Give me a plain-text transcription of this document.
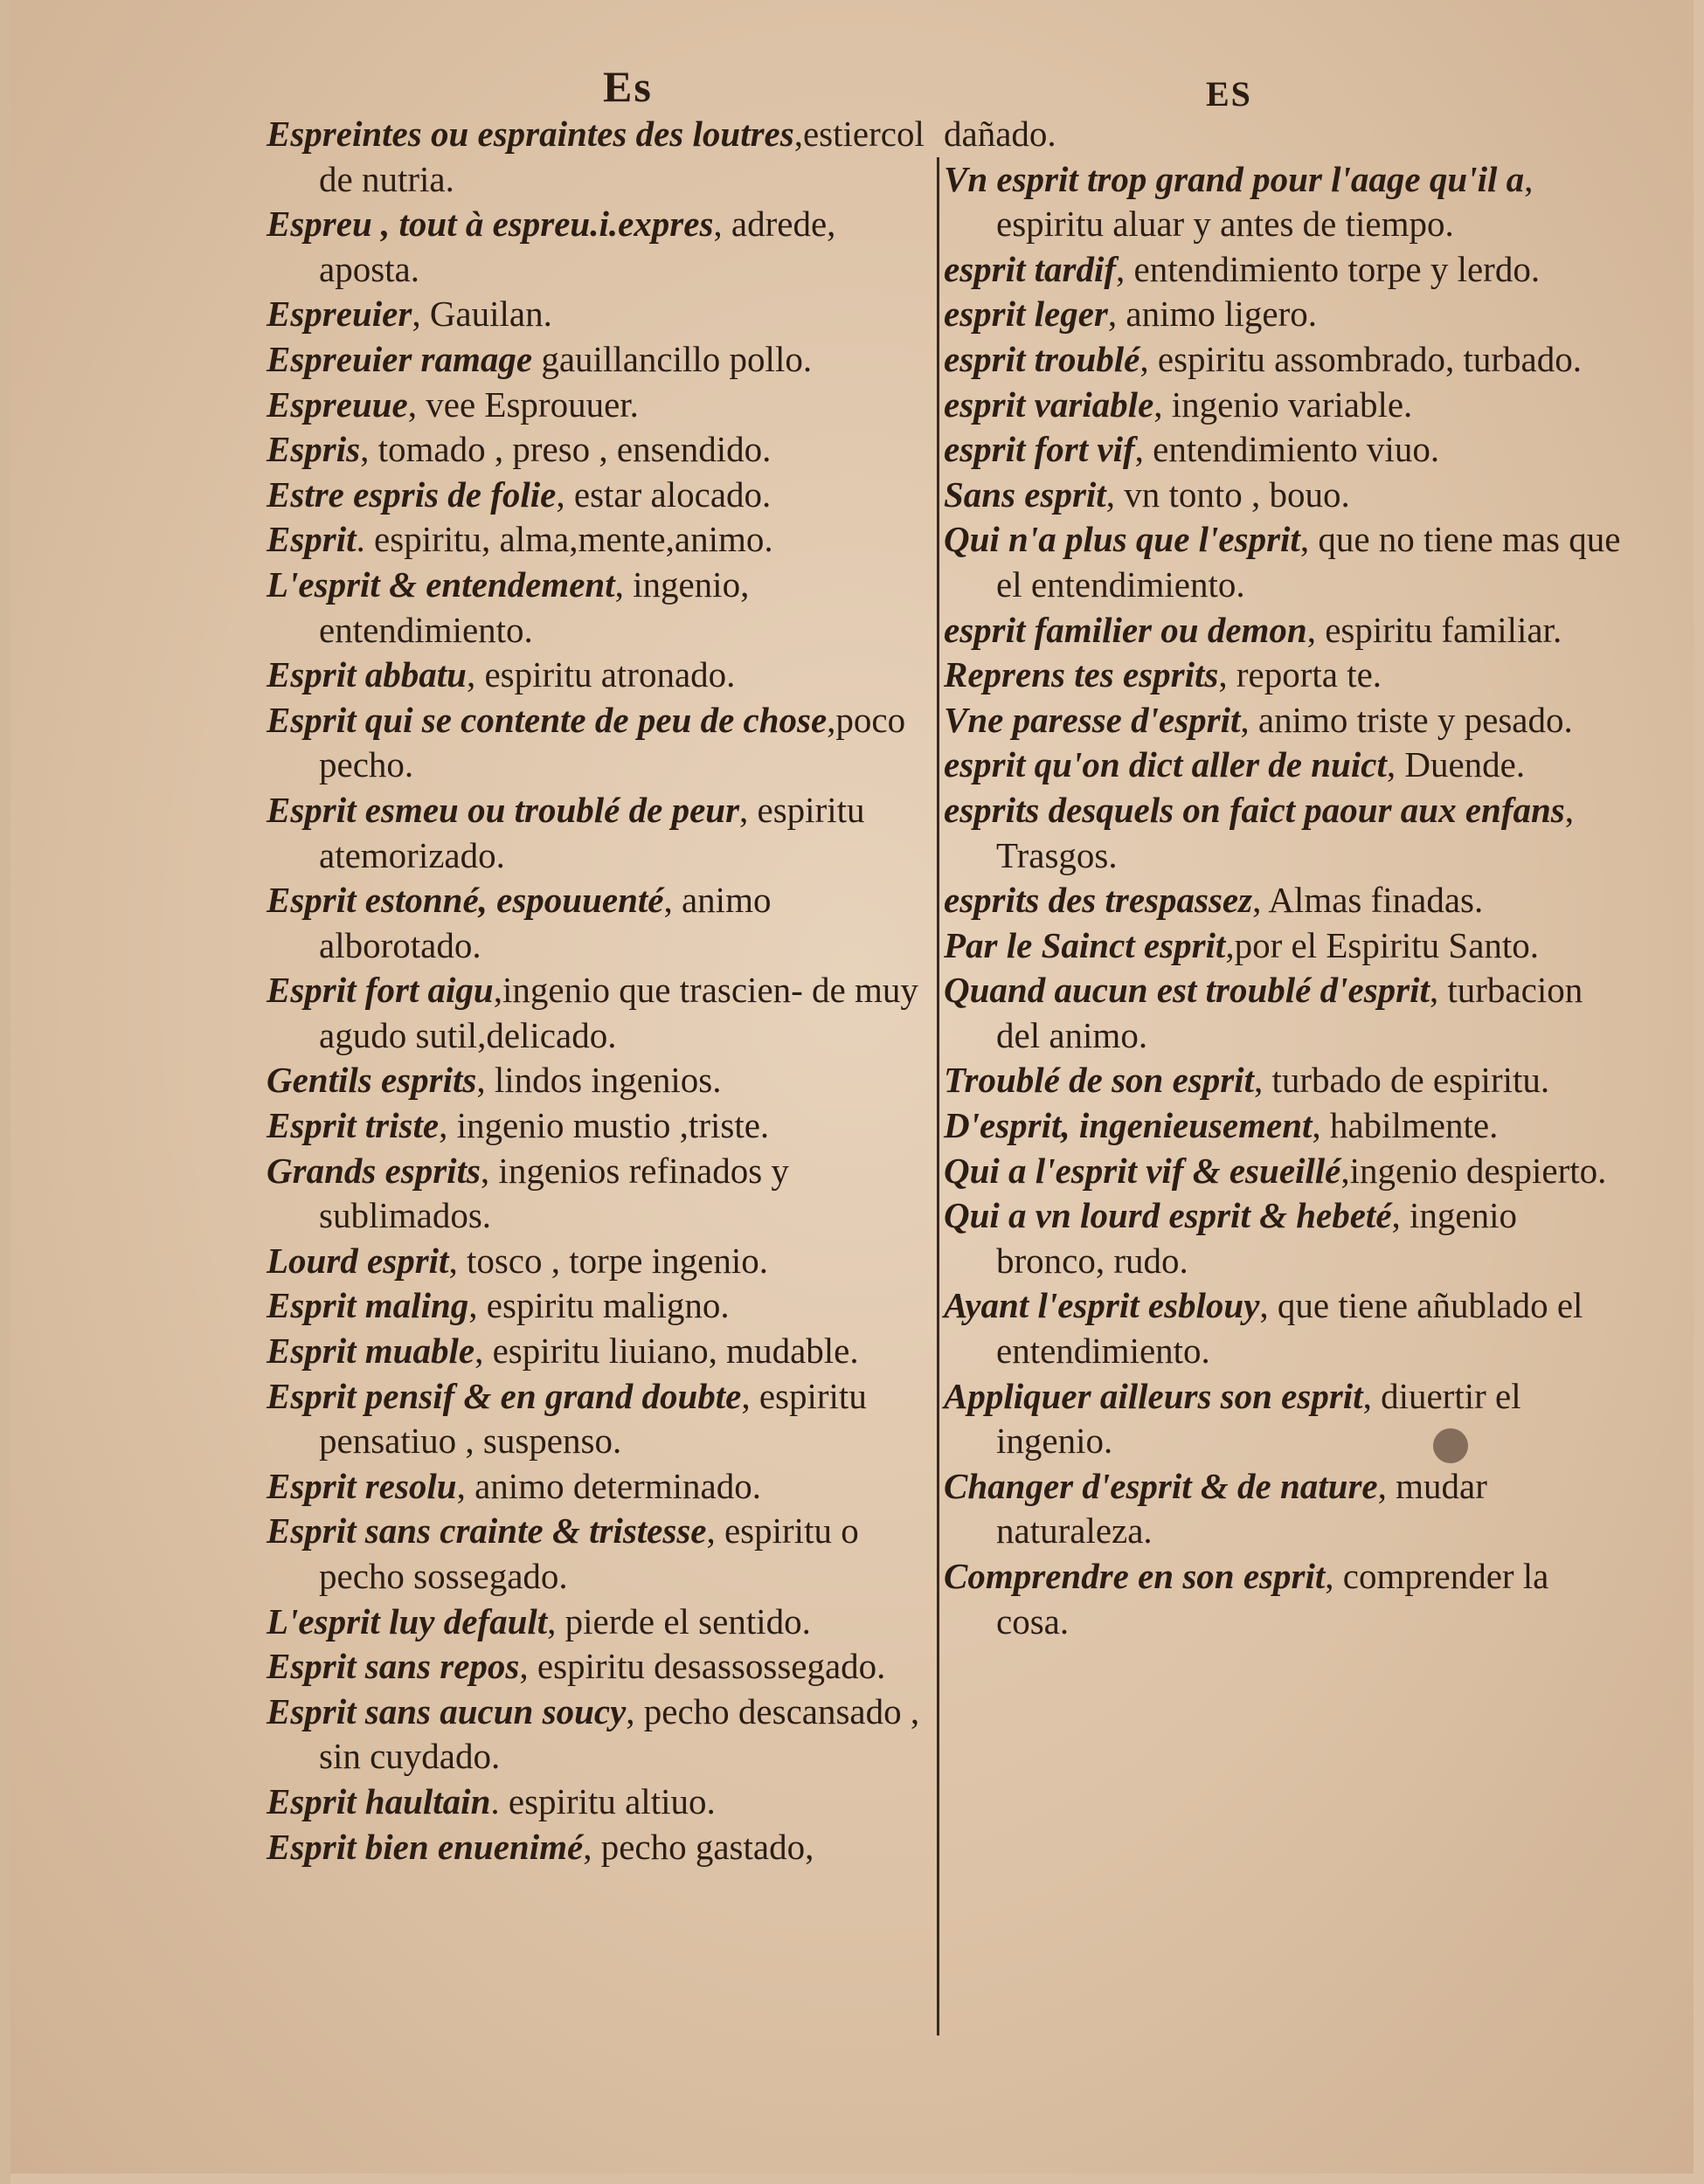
Es	ES
Espreintes ou espraintes des loutres,estiercol de nutria.
Espreu , tout à espreu.i.expres, adrede, aposta.
Espreuier, Gauilan.
Espreuier ramage gauillancillo pollo.
Espreuue, vee Esprouuer.
Espris, tomado , preso , ensendido.
Estre espris de folie, estar alocado.
Esprit. espiritu, alma,mente,animo.
L'esprit & entendement, ingenio, entendimiento.
Esprit abbatu, espiritu atronado.
Esprit qui se contente de peu de chose,poco pecho.
Esprit esmeu ou troublé de peur, espiritu atemorizado.
Esprit estonné, espouuenté, animo alborotado.
Esprit fort aigu,ingenio que trascien- de muy agudo sutil,delicado.
Gentils esprits, lindos ingenios.
Esprit triste, ingenio mustio ,triste.
Grands esprits, ingenios refinados y sublimados.
Lourd esprit, tosco , torpe ingenio.
Esprit maling, espiritu maligno.
Esprit muable, espiritu liuiano, mudable.
Esprit pensif & en grand doubte, espiritu pensatiuo , suspenso.
Esprit resolu, animo determinado.
Esprit sans crainte & tristesse, espiritu o pecho sossegado.
L'esprit luy default, pierde el sentido.
Esprit sans repos, espiritu desassossegado.
Esprit sans aucun soucy, pecho descansado , sin cuydado.
Esprit haultain. espiritu altiuo.
Esprit bien enuenimé, pecho gastado,
dañado.
Vn esprit trop grand pour l'aage qu'il a, espiritu aluar y antes de tiempo.
esprit tardif, entendimiento torpe y lerdo.
esprit leger, animo ligero.
esprit troublé, espiritu assombrado, turbado.
esprit variable, ingenio variable.
esprit fort vif, entendimiento viuo.
Sans esprit, vn tonto , bouo.
Qui n'a plus que l'esprit, que no tiene mas que el entendimiento.
esprit familier ou demon, espiritu familiar.
Reprens tes esprits, reporta te.
Vne paresse d'esprit, animo triste y pesado.
esprit qu'on dict aller de nuict, Duende.
esprits desquels on faict paour aux enfans, Trasgos.
esprits des trespassez, Almas finadas.
Par le Sainct esprit,por el Espiritu Santo.
Quand aucun est troublé d'esprit, turbacion del animo.
Troublé de son esprit, turbado de espiritu.
D'esprit, ingenieusement, habilmente.
Qui a l'esprit vif & esueillé,ingenio despierto.
Qui a vn lourd esprit & hebeté, ingenio bronco, rudo.
Ayant l'esprit esblouy, que tiene añublado el entendimiento.
Appliquer ailleurs son esprit, diuertir el ingenio.
Changer d'esprit & de nature, mudar naturaleza.
Comprendre en son esprit, comprender la cosa.
